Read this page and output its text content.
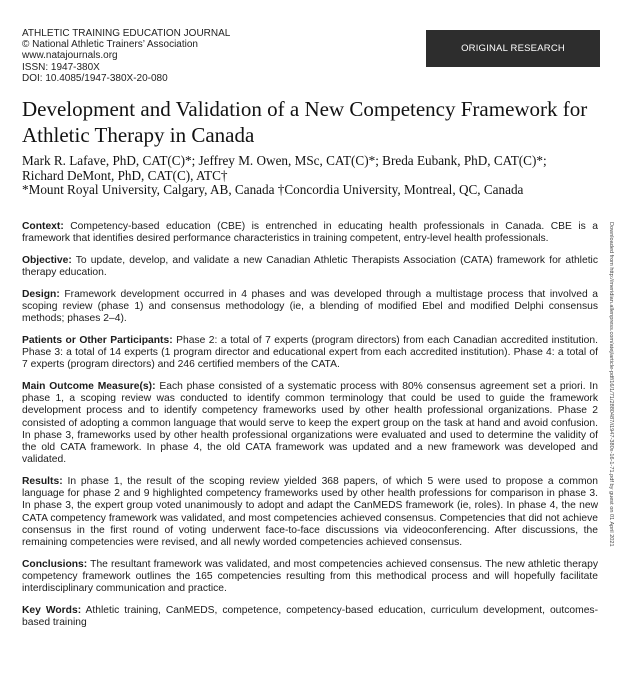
ATHLETIC TRAINING EDUCATION JOURNAL
© National Athletic Trainers’ Association
www.natajournals.org
ISSN: 1947-380X
DOI: 10.4085/1947-380X-20-080
ORIGINAL RESEARCH
Development and Validation of a New Competency Framework for Athletic Therapy in Canada
Mark R. Lafave, PhD, CAT(C)*; Jeffrey M. Owen, MSc, CAT(C)*; Breda Eubank, PhD, CAT(C)*;
Richard DeMont, PhD, CAT(C), ATC†
*Mount Royal University, Calgary, AB, Canada †Concordia University, Montreal, QC, Canada

Context: Competency-based education (CBE) is entrenched in educating health professionals in Canada. CBE is a framework that identifies desired performance characteristics in training competent, entry-level health professionals.

Objective: To update, develop, and validate a new Canadian Athletic Therapists Association (CATA) framework for athletic therapy education.

Design: Framework development occurred in 4 phases and was developed through a multistage process that involved a scoping review (phase 1) and consensus methodology (ie, a blending of modified Ebel and modified Delphi consensus methods; phases 2–4).

Patients or Other Participants: Phase 2: a total of 7 experts (program directors) from each Canadian accredited institution. Phase 3: a total of 14 experts (1 program director and educational expert from each accredited institution). Phase 4: a total of 7 experts (program directors) and 246 certified members of the CATA.

Main Outcome Measure(s): Each phase consisted of a systematic process with 80% consensus agreement set a priori. In phase 1, a scoping review was conducted to identify common terminology that could be used to guide the framework development process and to identify competency frameworks used by other health professional organizations. Phase 2 consisted of adopting a common language that would serve to keep the expert group on the task at hand and avoid confusion. In phase 3, frameworks used by other health professional organizations were evaluated and used to determine the validity of the old CATA framework. In phase 4, the old CATA framework was updated and a new framework was developed and validated.

Results: In phase 1, the result of the scoping review yielded 368 papers, of which 5 were used to propose a common language for phase 2 and 9 highlighted competency frameworks used by other health professions for comparison in phase 3. In phase 3, the expert group voted unanimously to adopt and adapt the CanMEDS framework (ie, roles). In phase 4, the new CATA competency framework was validated, and most competencies achieved consensus. Competencies that did not achieve consensus in the first round of voting underwent face-to-face discussions via videoconferencing. After discussions, the remaining competencies were revised, and all newly worded competencies achieved consensus.

Conclusions: The resultant framework was validated, and most competencies achieved consensus. The new athletic therapy competency framework outlines the 165 competencies resulting from this methodical process and will hopefully facilitate interdisciplinary communication and practice.

Key Words: Athletic training, CanMEDS, competence, competency-based education, curriculum development, outcomes-based training

Downloaded from http://meridian.allenpress.com/atej/article-pdf/16/1/71/2880487/i1947-380x-16-1-71.pdf by guest on 01 April 2021
